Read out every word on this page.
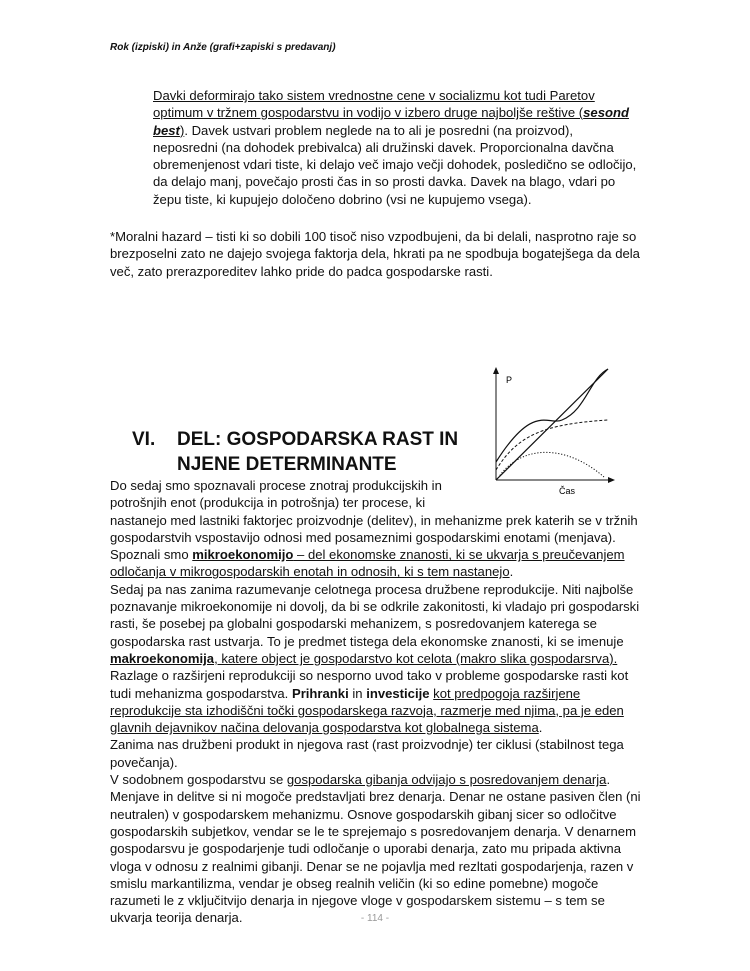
Rok (izpiski) in Anže (grafi+zapiski s predavanj)
Davki deformirajo tako sistem vrednostne cene v socializmu kot tudi Paretov optimum v tržnem gospodarstvu in vodijo v izbero druge najboljše reštive (sesond best). Davek ustvari problem neglede na to ali je posredni (na proizvod), neposredni (na dohodek prebivalca) ali družinski davek. Proporcionalna davčna obremenjenost vdari tiste, ki delajo več imajo večji dohodek, posledično se odločijo, da delajo manj, povečajo prosti čas in so prosti davka. Davek na blago, vdari po žepu tiste, ki kupujejo določeno dobrino (vsi ne kupujemo vsega).
*Moralni hazard – tisti ki so dobili 100 tisoč niso vzpodbujeni, da bi delali, nasprotno raje so brezposelni zato ne dajejo svojega faktorja dela, hkrati pa ne spodbuja bogatejšega da dela več, zato prerazporeditev lahko pride do padca gospodarske rasti.
VI. DEL: GOSPODARSKA RAST IN NJENE DETERMINANTE
P
Čas

Do sedaj smo spoznavali procese znotraj produkcijskih in
potrošnjih enot (produkcija in potrošnja) ter procese, ki
nastanejo med lastniki faktorjec proizvodnje (delitev), in mehanizme prek katerih se v tržnih gospodarstvih vspostavijo odnosi med posameznimi gospodarskimi enotami (menjava). Spoznali smo mikroekonomijo – del ekonomske znanosti, ki se ukvarja s preučevanjem odločanja v mikrogospodarskih enotah in odnosih, ki s tem nastanejo.

Sedaj pa nas zanima razumevanje celotnega procesa družbene reprodukcije. Niti najbolše poznavanje mikroekonomije ni dovolj, da bi se odkrile zakonitosti, ki vladajo pri gospodarski rasti, še posebej pa globalni gospodarski mehanizem, s posredovanjem katerega se gospodarska rast ustvarja. To je predmet tistega dela ekonomske znanosti, ki se imenuje makroekonomija, katere object je gospodarstvo kot celota (makro slika gospodarsrva).

Razlage o razširjeni reprodukciji so nesporno uvod tako v probleme gospodarske rasti kot tudi mehanizma gospodarstva. Prihranki in investicije kot predpogoja razširjene reprodukcije sta izhodiščni točki gospodarskega razvoja, razmerje med njima, pa je eden glavnih dejavnikov načina delovanja gospodarstva kot globalnega sistema.

Zanima nas družbeni produkt in njegova rast (rast proizvodnje) ter ciklusi (stabilnost tega povečanja).

V sodobnem gospodarstvu se gospodarska gibanja odvijajo s posredovanjem denarja. Menjave in delitve si ni mogoče predstavljati brez denarja. Denar ne ostane pasiven člen (ni neutralen) v gospodarskem mehanizmu. Osnove gospodarskih gibanj sicer so odločitve gospodarskih subjetkov, vendar se le te sprejemajo s posredovanjem denarja. V denarnem gospodarsvu je gospodarjenje tudi odločanje o uporabi denarja, zato mu pripada aktivna vloga v odnosu z realnimi gibanji. Denar se ne pojavlja med rezltati gospodarjenja, razen v smislu markantilizma, vendar je obseg realnih veličin (ki so edine pomebne) mogoče razumeti le z vključitvijo denarja in njegove vloge v gospodarskem sistemu – s tem se ukvarja teorija denarja.	- 114 -
